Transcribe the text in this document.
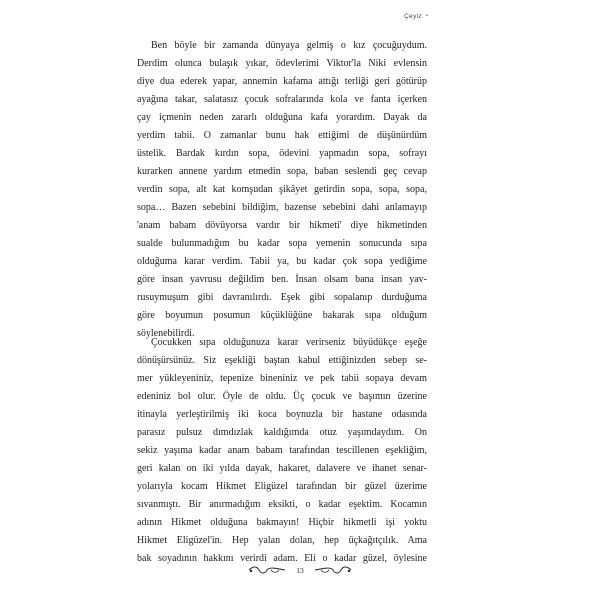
Çeyiz •
Ben böyle bir zamanda dünyaya gelmiş o kız çocuğuydum.
Derdim olunca bulaşık yıkar, ödevlerimi Viktor'la Niki evlensin
diye dua ederek yapar, annemin kafama attığı terliği geri götürüp
ayağına takar, salatasız çocuk sofralarında kola ve fanta içerken
çay içmenin neden zararlı olduğuna kafa yorardım. Dayak da
yerdim tabii. O zamanlar bunu hak ettiğimi de düşünürdüm
üstelik. Bardak kırdın sopa, ödevini yapmadın sopa, sofrayı
kurarken annene yardım etmedin sopa, baban seslendi geç cevap
verdin sopa, alt kat komşudan şikâyet getirdin sopa, sopa, sopa,
sopa… Bazen sebebini bildiğim, bazense sebebini dahi anlamayıp
'anam babam dövüyorsa vardır bir hikmeti' diye hikmetinden
sualde bulunmadığım bu kadar sopa yemenin sonucunda sıpa
olduğuma karar verdim. Tabii ya, bu kadar çok sopa yediğime
göre insan yavrusu değildim ben. İnsan olsam bana insan yav-
rusuymuşum gibi davranılırdı. Eşek gibi sopalanıp durduğuma
göre boyumun posumun küçüklüğüne bakarak sıpa olduğum
söylenebilirdi.
Çocukken sıpa olduğunuza karar verirseniz büyüdükçe eşeğe
dönüşürsünüz. Siz eşekliği baştan kabul ettiğinizden sebep se-
mer yükleyeniniz, tepenize bineniniz ve pek tabii sopaya devam
edeniniz bol olur. Öyle de oldu. Üç çocuk ve başımın üzerine
itinayla yerleştirilmiş iki koca boynuzla bir hastane odasında
parasız pulsuz dımdızlak kaldığımda otuz yaşımdaydım. On
sekiz yaşıma kadar anam babam tarafından tescillenen eşekliğim,
geri kalan on iki yılda dayak, hakaret, dalavere ve ihanet senar-
yolarıyla kocam Hikmet Eligüzel tarafından bir güzel üzerime
sıvanmıştı. Bir anırmadığım eksikti, o kadar eşektim. Kocamın
adının Hikmet olduğuna bakmayın! Hiçbir hikmetli işi yoktu
Hikmet Eligüzel'in. Hep yalan dolan, hep üçkağıtçılık. Ama
bak soyadının hakkını verirdi adam. Eli o kadar güzel, öylesine
13
